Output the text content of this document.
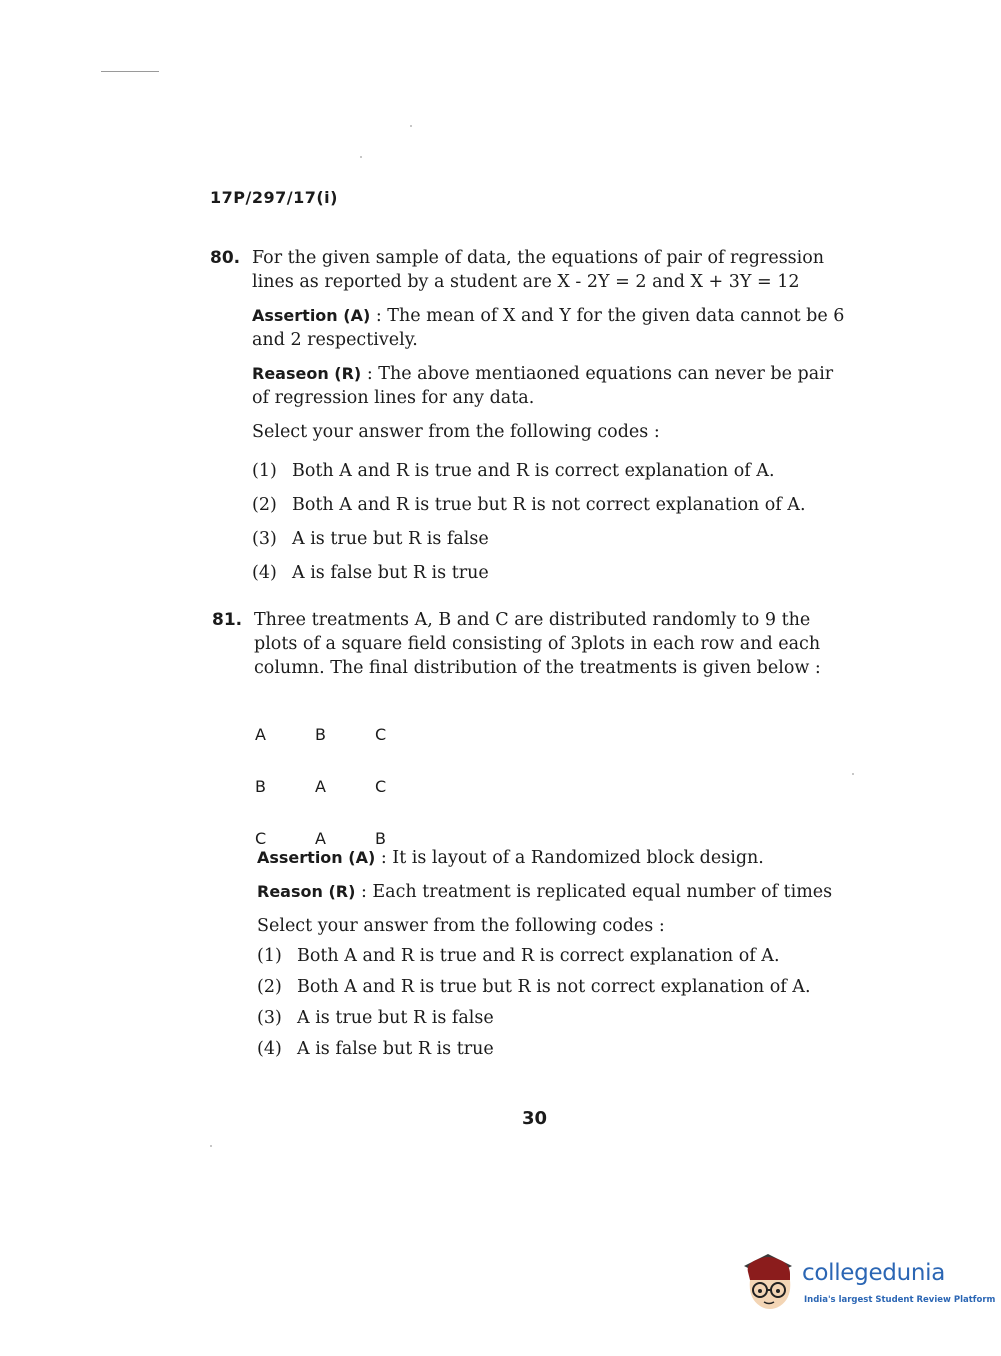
17P/297/17(i)
80. For the given sample of data, the equations of pair of regression lines as reported by a student are X - 2Y = 2 and X + 3Y = 12

Assertion (A) : The mean of X and Y for the given data cannot be 6 and 2 respectively.

Reaseon (R) : The above mentiaoned equations can never be pair of regression lines for any data.

Select your answer from the following codes :

(1) Both A and R is true and R is correct explanation of A.
(2) Both A and R is true but R is not correct explanation of A.
(3) A is true but R is false
(4) A is false but R is true
81. Three treatments A, B and C are distributed randomly to 9 the plots of a square field consisting of 3plots in each row and each column. The final distribution of the treatments is given below :

A	B	C
B	A	C
C	A	B

Assertion (A) : It is layout of a Randomized block design.

Reason (R) : Each treatment is replicated equal number of times

Select your answer from the following codes :

(1) Both A and R is true and R is correct explanation of A.
(2) Both A and R is true but R is not correct explanation of A.
(3) A is true but R is false
(4) A is false but R is true
30
collegedunia
India's largest Student Review Platform
